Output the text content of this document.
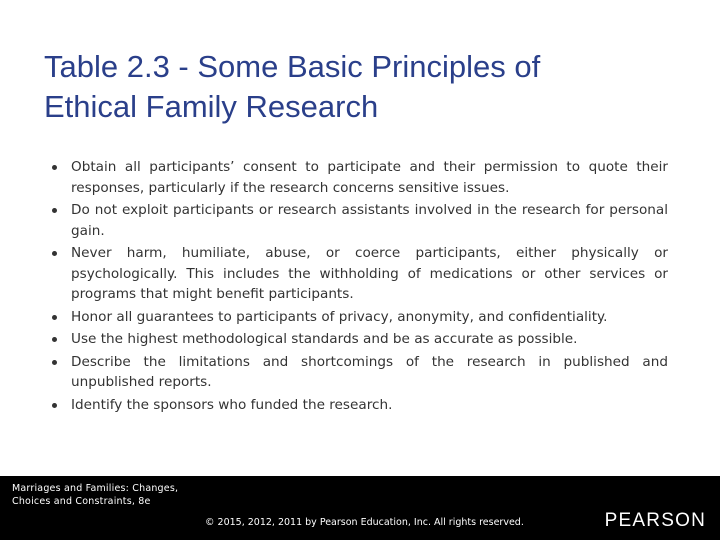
Table 2.3 - Some Basic Principles of
Ethical Family Research
Obtain all participants’ consent to participate and their permission to quote their responses, particularly if the research concerns sensitive issues.
Do not exploit participants or research assistants involved in the research for personal gain.
Never harm, humiliate, abuse, or coerce participants, either physically or psychologically. This includes the withholding of medications or other services or programs that might benefit participants.
Honor all guarantees to participants of privacy, anonymity, and confidentiality.
Use the highest methodological standards and be as accurate as possible.
Describe the limitations and shortcomings of the research in published and unpublished reports.
Identify the sponsors who funded the research.
Marriages and Families: Changes,
Choices and Constraints, 8e
© 2015, 2012, 2011 by Pearson Education, Inc. All rights reserved.	PEARSON
